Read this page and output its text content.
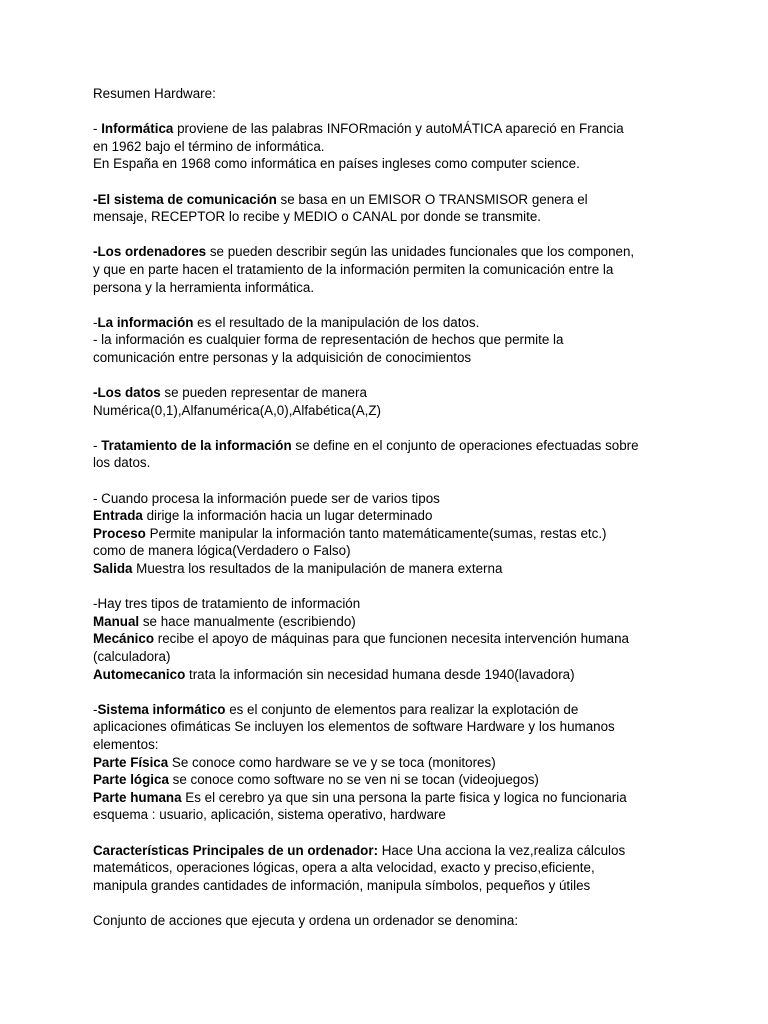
Resumen Hardware:
- Informática proviene de las palabras INFORmación y autoMÁTICA apareció en Francia
en 1962 bajo el término de informática.
En España en 1968 como informática en países ingleses como computer science.
-El sistema de comunicación se basa en un EMISOR O TRANSMISOR genera el
mensaje, RECEPTOR lo recibe y MEDIO o CANAL por donde se transmite.
-Los ordenadores se pueden describir según las unidades funcionales que los componen,
y que en parte hacen el tratamiento de la información permiten la comunicación entre la
persona y la herramienta informática.
-La información es el resultado de la manipulación de los datos.
- la información es cualquier forma de representación de hechos que permite la
comunicación entre personas y la adquisición de conocimientos
-Los datos se pueden representar de manera
Numérica(0,1),Alfanumérica(A,0),Alfabética(A,Z)
- Tratamiento de la información se define en el conjunto de operaciones efectuadas sobre
los datos.
- Cuando procesa la información puede ser de varios tipos
Entrada dirige la información hacia un lugar determinado
Proceso Permite manipular la información tanto matemáticamente(sumas, restas etc.)
como de manera lógica(Verdadero o Falso)
Salida Muestra los resultados de la manipulación de manera externa
-Hay tres tipos de tratamiento de información
Manual se hace manualmente (escribiendo)
Mecánico recibe el apoyo de máquinas para que funcionen necesita intervención humana
(calculadora)
Automecanico trata la información sin necesidad humana desde 1940(lavadora)
-Sistema informático es el conjunto de elementos para realizar la explotación de
aplicaciones ofimáticas Se incluyen los elementos de software Hardware y los humanos
elementos:
Parte Física Se conoce como hardware se ve y se toca (monitores)
Parte lógica se conoce como software no se ven ni se tocan (videojuegos)
Parte humana Es el cerebro ya que sin una persona la parte fisica y logica no funcionaria
esquema : usuario, aplicación, sistema operativo, hardware
Características Principales de un ordenador: Hace Una acciona la vez,realiza cálculos
matemáticos, operaciones lógicas, opera a alta velocidad, exacto y preciso,eficiente,
manipula grandes cantidades de información, manipula símbolos, pequeños y útiles
Conjunto de acciones que ejecuta y ordena un ordenador se denomina:
